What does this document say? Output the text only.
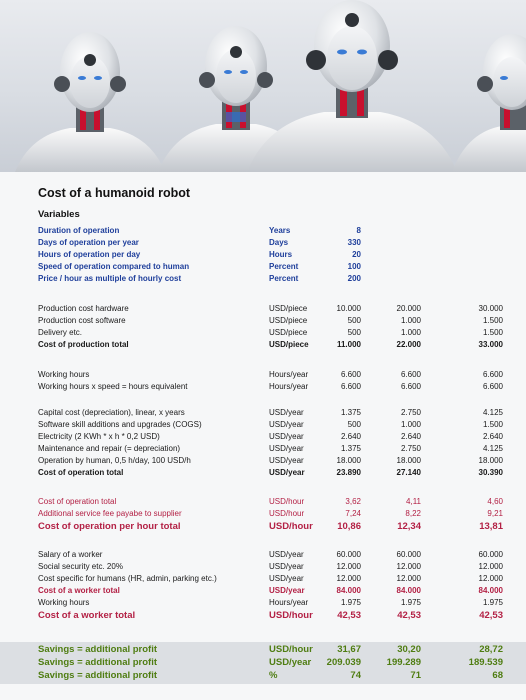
Cost of a humanoid robot
Variables
Duration of operation	Years	8
Days of operation per year	Days	330
Hours of operation per day	Hours	20
Speed of operation compared to human	Percent	100
Price / hour as multiple of hourly cost	Percent	200
Production cost hardware	USD/piece	10.000	20.000	30.000
Production cost software	USD/piece	500	1.000	1.500
Delivery etc.	USD/piece	500	1.000	1.500
Cost of production total	USD/piece	11.000	22.000	33.000
Working hours	Hours/year	6.600	6.600	6.600
Working hours x speed = hours equivalent	Hours/year	6.600	6.600	6.600
Capital cost (depreciation), linear, x years	USD/year	1.375	2.750	4.125
Software skill additions and upgrades (COGS)	USD/year	500	1.000	1.500
Electricity (2 KWh * x h * 0,2 USD)	USD/year	2.640	2.640	2.640
Maintenance and repair (= depreciation)	USD/year	1.375	2.750	4.125
Operation by human, 0,5 h/day, 100 USD/h	USD/year	18.000	18.000	18.000
Cost of operation total	USD/year	23.890	27.140	30.390
Cost of operation total	USD/hour	3,62	4,11	4,60
Additional service fee payabe to supplier	USD/hour	7,24	8,22	9,21
Cost of operation per hour total	USD/hour	10,86	12,34	13,81
Salary of a worker	USD/year	60.000	60.000	60.000
Social security etc. 20%	USD/year	12.000	12.000	12.000
Cost specific for humans (HR, admin, parking etc.)	USD/year	12.000	12.000	12.000
Cost of a worker total	USD/year	84.000	84.000	84.000
Working hours	Hours/year	1.975	1.975	1.975
Cost of a worker total	USD/hour	42,53	42,53	42,53
Savings = additional profit	USD/hour	31,67	30,20	28,72
Savings = additional profit	USD/year	209.039	199.289	189.539
Savings = additional profit	%	74	71	68
